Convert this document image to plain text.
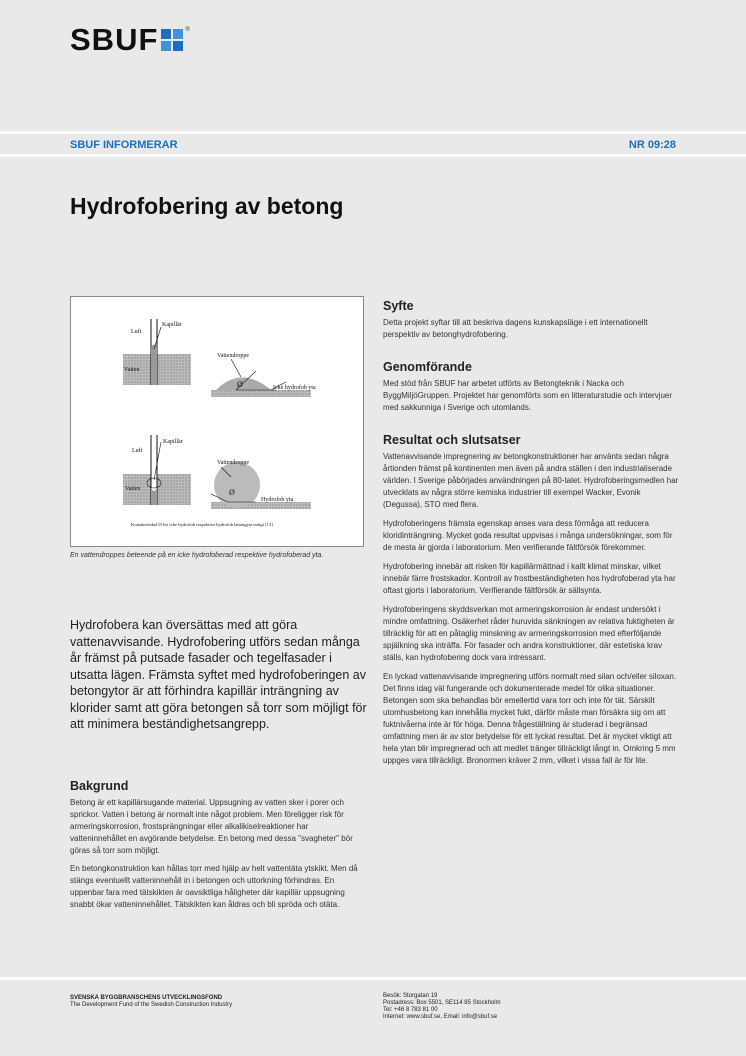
SBUF	®
SBUF INFORMERAR	NR 09:28
Hydrofobering av betong
Luft
Kapillär
Vatten
Vattendroppe
Ø	Icke hydrofob yta
Luft
Kapillär
Vatten
Vattendroppe
Ø
Hydrofob yta
Kontaktvinkel Ø för icke hydrofob respektive hydrofob betongyta enligt [13]
En vattendroppes beteende på en icke hydrofoberad respektive hydrofoberad yta.

Hydrofobera kan översättas med att göra vattenavvisande. Hydrofobering utförs sedan många år främst på putsade fasader och tegelfasader i utsatta lägen. Främsta syftet med hydrofoberingen av betongytor är att förhindra kapillär inträngning av klorider samt att göra betongen så torr som möjligt för att minimera beständighetsangrepp.

Bakgrund

Betong är ett kapillärsugande material. Uppsugning av vatten sker i porer och sprickor. Vatten i betong är normalt inte något problem. Men föreligger risk för armeringskorrosion, frostsprängningar eller alkalikiselreaktioner har vatteninnehållet en avgörande betydelse. En betong med dessa "svagheter" bör göras så torr som möjligt.

En betongkonstruktion kan hållas torr med hjälp av helt vattentäta ytskikt. Men då stängs eventuellt vatteninnehåll in i betongen och uttorkning förhindras. En uppenbar fara med tätskikten är oavsiktliga håligheter där kapillär uppsugning snabbt ökar vatteninnehållet. Tätskikten kan åldras och bli spröda och otäta.

Syfte

Detta projekt syftar till att beskriva dagens kunskapsläge i ett internationellt perspektiv av betonghydrofobering.

Genomförande

Med stöd från SBUF har arbetet utförts av Betongteknik i Nacka och ByggMiljöGruppen. Projektet har genomförts som en litteraturstudie och intervjuer med sakkunniga i Sverige och utomlands.

Resultat och slutsatser

Vattenavvisande impregnering av betongkonstruktioner har använts sedan några årtionden främst på kontinenten men även på andra ställen i den industrialiserade världen. I Sverige påbörjades användningen på 80-talet. Hydrofoberingsmedlen har utvecklats av några större kemiska industrier till exempel Wacker, Evonik (Degussa), STO med flera.

Hydrofoberingens främsta egenskap anses vara dess förmåga att reducera kloridinträngning. Mycket goda resultat uppvisas i många undersökningar, som för de mesta är gjorda i laboratorium. Men verifierande fältförsök förekommer.

Hydrofobering innebär att risken för kapillärmättnad i kallt klimat minskar, vilket innebär färre frostskador. Kontroll av frostbeständigheten hos hydrofoberad yta har oftast gjorts i laboratorium. Verifierande fältförsök är sällsynta.

Hydrofoberingens skyddsverkan mot armeringskorrosion är endast undersökt i mindre omfattning. Osäkerhet råder huruvida sänkningen av relativa fuktigheten är tillräcklig för att en påtaglig minskning av armeringskorrosion med efterföljande spjälkning ska inträffa. För fasader och andra konstruktioner, där estetiska krav ställs, kan hydrofobering dock vara intressant.

En lyckad vattenavvisande impregnering utförs normalt med silan och/eller siloxan. Det finns idag väl fungerande och dokumenterade medel för olika situationer. Betongen som ska behandlas bör emellertid vara torr och inte för tät. Särskilt utomhusbetong kan innehålla mycket fukt, därför måste man försäkra sig om att fuktnivåerna inte är för höga. Denna frågeställning är studerad i begränsad omfattning men är av stor betydelse för ett lyckat resultat. Det är mycket viktigt att hela ytan blir impregnerad och att medlet tränger tillräckligt långt in. Omkring 5 mm uppges vara tillräckligt. Bronormen kräver 2 mm, vilket i vissa fall är för lite.

SVENSKA BYGGBRANSCHENS UTVECKLINGSFOND
The Development Fund of the Swedish Construction Industry
Besök: Storgatan 19
Postadress: Box 5501, SE114 85 Stockholm
Tel: +46 8 783 81 00
Internet: www.sbuf.se, Email: info@sbuf.se
